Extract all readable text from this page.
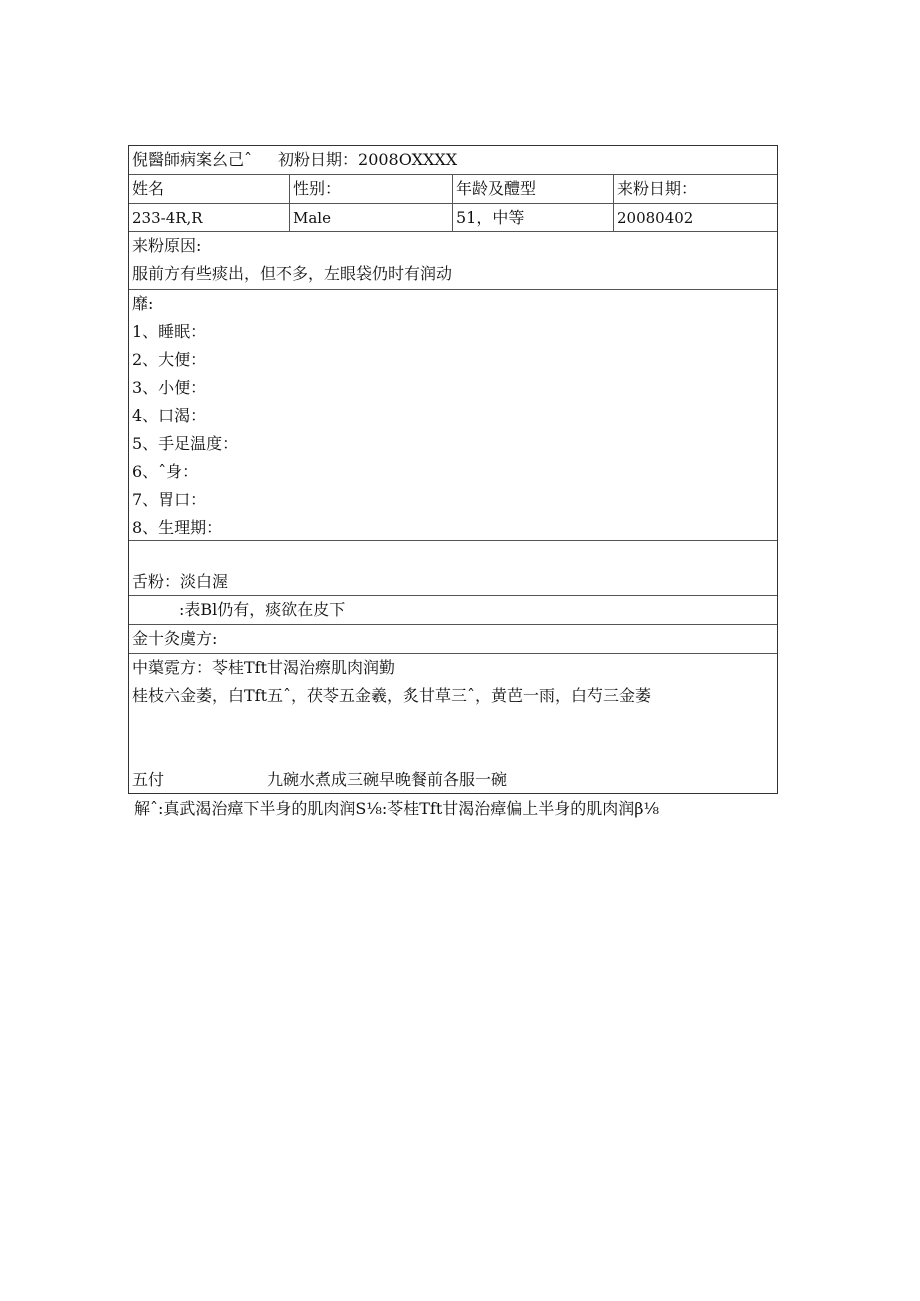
倪醫師病案幺己ˆ 初粉日期：2008OXXXX
姓名	性别：	年龄及醴型	来粉日期：
233-4R,R	Male	51，中等	20080402
来粉原因:
服前方有些痰出，但不多，左眼袋仍时有润动
靡:
1、睡眠：
2、大便：
3、小便：
4、口渴：
5、手足温度：
6、ˆ身：
7、胃口：
8、生理期：
舌粉：淡白渥
:表Bl仍有，痰欲在皮下
金十灸虞方:
中蕖霓方：苓桂Tft甘渴治瘵肌肉润勤
桂枝六金萎，白Tft五ˆ，茯苓五金羲，炙甘草三ˆ，黄芭一雨，白芍三金萎
五付	九碗水煮成三碗早晚餐前各服一碗
解ˆ:真武渴治瘴下半身的肌肉润S⅛:苓桂Tft甘渴治瘴偏上半身的肌肉润β⅛
